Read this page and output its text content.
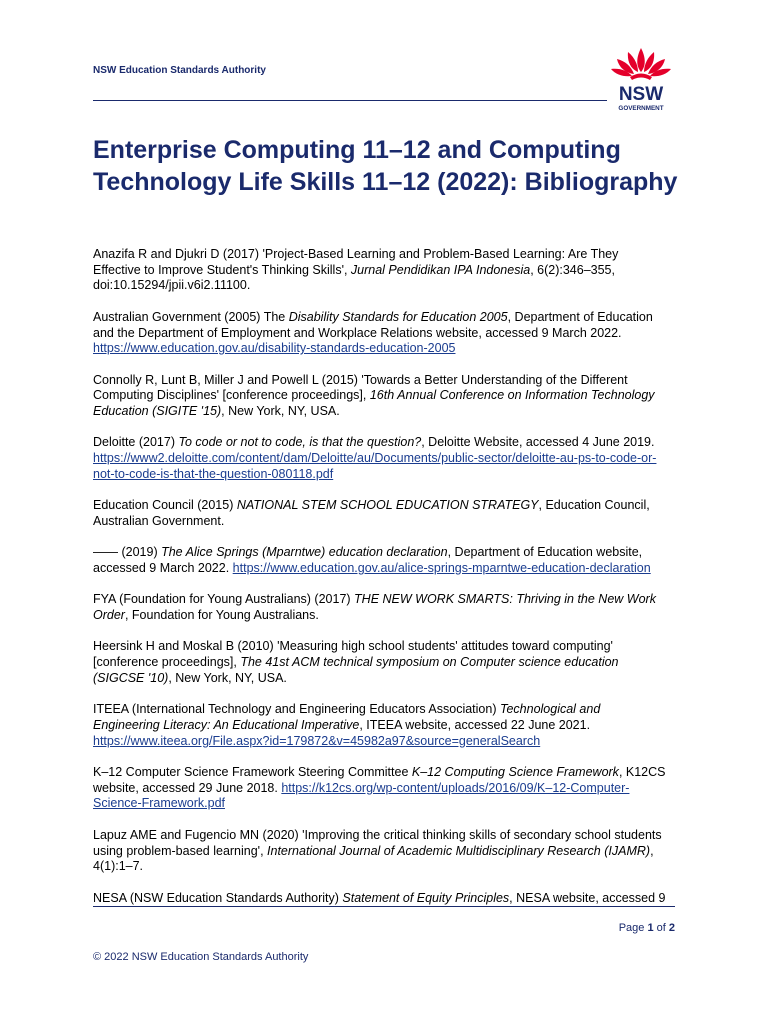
NSW Education Standards Authority
NSW
GOVERNMENT
Enterprise Computing 11–12 and Computing Technology Life Skills 11–12 (2022): Bibliography

Anazifa R and Djukri D (2017) 'Project-Based Learning and Problem-Based Learning: Are They Effective to Improve Student's Thinking Skills', Jurnal Pendidikan IPA Indonesia, 6(2):346–355, doi:10.15294/jpii.v6i2.11100.

Australian Government (2005) The Disability Standards for Education 2005, Department of Education and the Department of Employment and Workplace Relations website, accessed 9 March 2022. https://www.education.gov.au/disability-standards-education-2005

Connolly R, Lunt B, Miller J and Powell L (2015) 'Towards a Better Understanding of the Different Computing Disciplines' [conference proceedings], 16th Annual Conference on Information Technology Education (SIGITE '15), New York, NY, USA.

Deloitte (2017) To code or not to code, is that the question?, Deloitte Website, accessed 4 June 2019. https://www2.deloitte.com/content/dam/Deloitte/au/Documents/public-sector/deloitte-au-ps-to-code-or-not-to-code-is-that-the-question-080118.pdf

Education Council (2015) NATIONAL STEM SCHOOL EDUCATION STRATEGY, Education Council, Australian Government.

—— (2019) The Alice Springs (Mparntwe) education declaration, Department of Education website, accessed 9 March 2022. https://www.education.gov.au/alice-springs-mparntwe-education-declaration

FYA (Foundation for Young Australians) (2017) THE NEW WORK SMARTS: Thriving in the New Work Order, Foundation for Young Australians.

Heersink H and Moskal B (2010) 'Measuring high school students' attitudes toward computing' [conference proceedings], The 41st ACM technical symposium on Computer science education (SIGCSE '10), New York, NY, USA.

ITEEA (International Technology and Engineering Educators Association) Technological and Engineering Literacy: An Educational Imperative, ITEEA website, accessed 22 June 2021. https://www.iteea.org/File.aspx?id=179872&v=45982a97&source=generalSearch

K–12 Computer Science Framework Steering Committee K–12 Computing Science Framework, K12CS website, accessed 29 June 2018. https://k12cs.org/wp-content/uploads/2016/09/K–12-Computer-Science-Framework.pdf

Lapuz AME and Fugencio MN (2020) 'Improving the critical thinking skills of secondary school students using problem-based learning', International Journal of Academic Multidisciplinary Research (IJAMR), 4(1):1–7.

NESA (NSW Education Standards Authority) Statement of Equity Principles, NESA website, accessed 9

Page 1 of 2
© 2022 NSW Education Standards Authority
